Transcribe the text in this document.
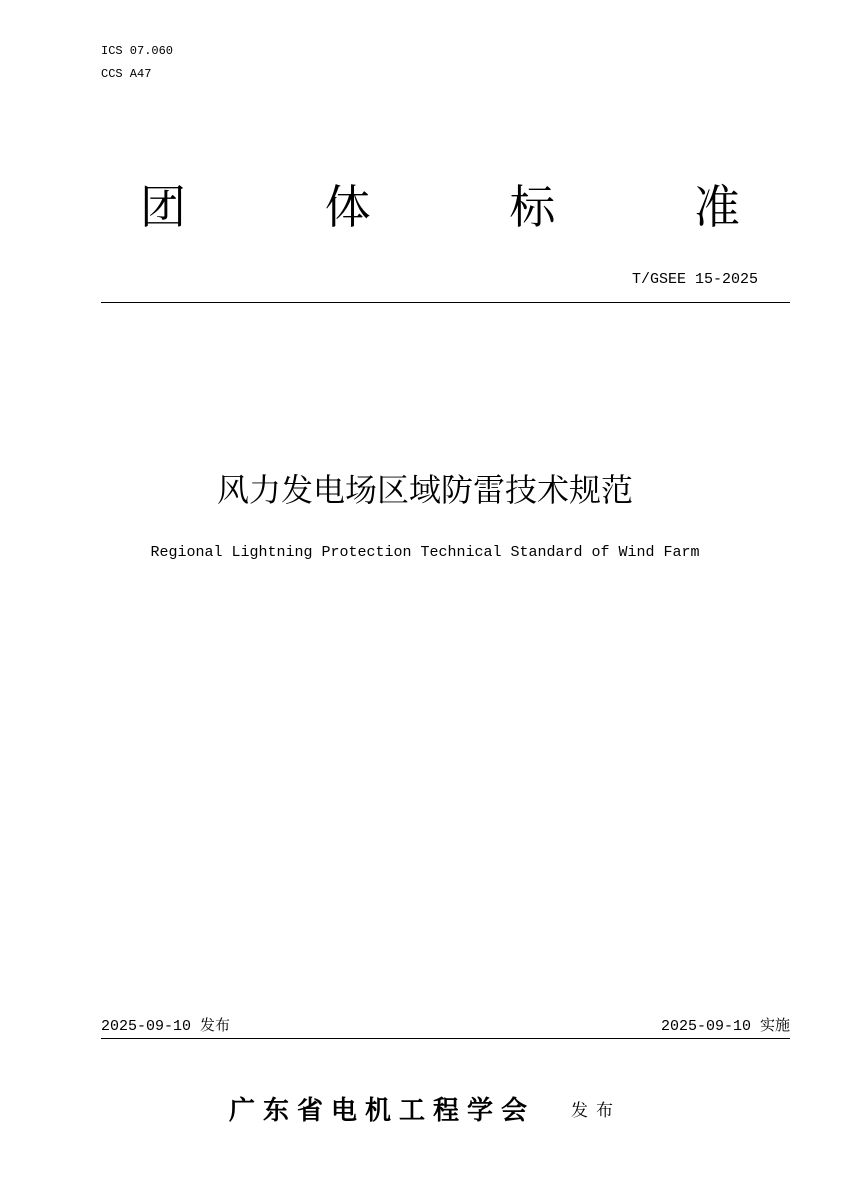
ICS 07.060
CCS A47
团	体	标	准
T/GSEE 15-2025
风力发电场区域防雷技术规范
Regional Lightning Protection Technical Standard of Wind Farm
2025-09-10 发布	2025-09-10 实施
广东省电机工程学会 发布
